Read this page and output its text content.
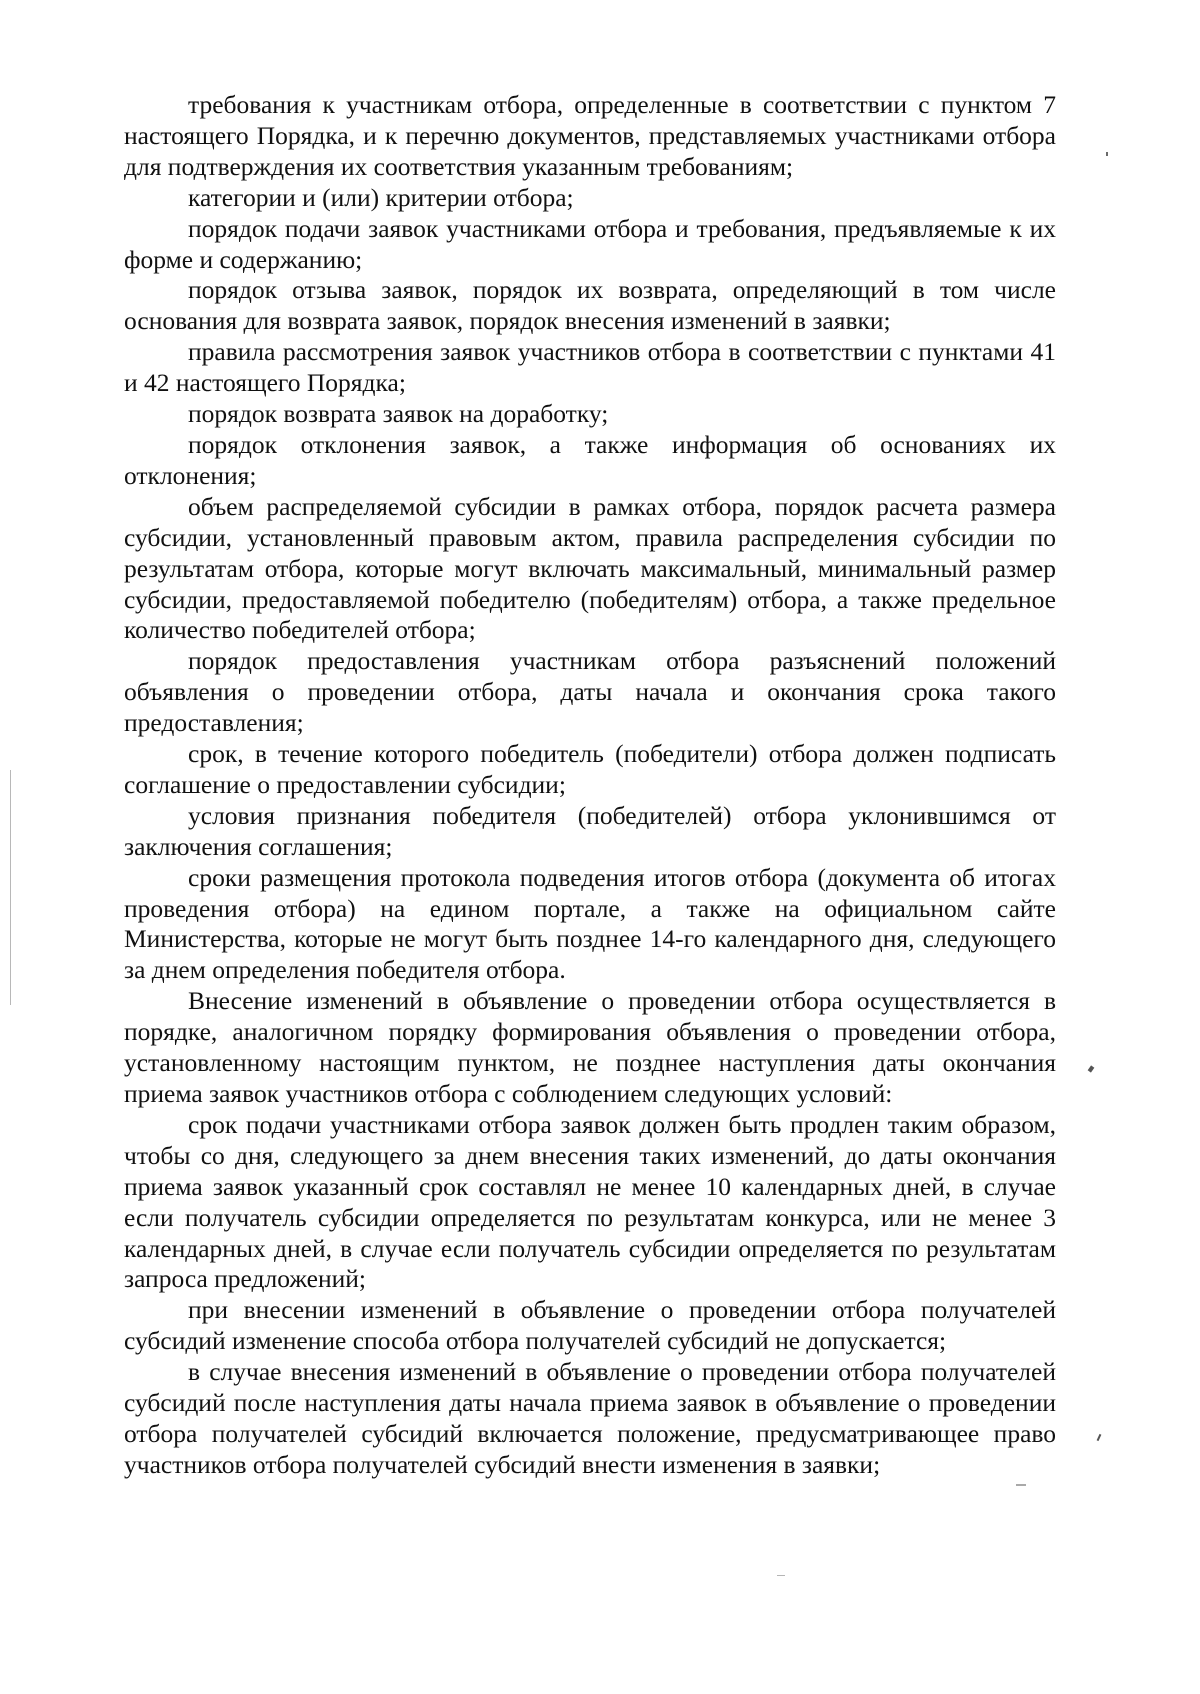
требования к участникам отбора, определенные в соответствии с пунктом 7 настоящего Порядка, и к перечню документов, представляемых участниками отбора для подтверждения их соответствия указанным требованиям;

категории и (или) критерии отбора;

порядок подачи заявок участниками отбора и требования, предъявляемые к их форме и содержанию;

порядок отзыва заявок, порядок их возврата, определяющий в том числе основания для возврата заявок, порядок внесения изменений в заявки;

правила рассмотрения заявок участников отбора в соответствии с пунктами 41 и 42 настоящего Порядка;

порядок возврата заявок на доработку;

порядок отклонения заявок, а также информация об основаниях их отклонения;

объем распределяемой субсидии в рамках отбора, порядок расчета размера субсидии, установленный правовым актом, правила распределения субсидии по результатам отбора, которые могут включать максимальный, минимальный размер субсидии, предоставляемой победителю (победителям) отбора, а также предельное количество победителей отбора;

порядок предоставления участникам отбора разъяснений положений объявления о проведении отбора, даты начала и окончания срока такого предоставления;

срок, в течение которого победитель (победители) отбора должен подписать соглашение о предоставлении субсидии;

условия признания победителя (победителей) отбора уклонившимся от заключения соглашения;

сроки размещения протокола подведения итогов отбора (документа об итогах проведения отбора) на едином портале, а также на официальном сайте Министерства, которые не могут быть позднее 14-го календарного дня, следующего за днем определения победителя отбора.

Внесение изменений в объявление о проведении отбора осуществляется в порядке, аналогичном порядку формирования объявления о проведении отбора, установленному настоящим пунктом, не позднее наступления даты окончания приема заявок участников отбора с соблюдением следующих условий:

срок подачи участниками отбора заявок должен быть продлен таким образом, чтобы со дня, следующего за днем внесения таких изменений, до даты окончания приема заявок указанный срок составлял не менее 10 календарных дней, в случае если получатель субсидии определяется по результатам конкурса, или не менее 3 календарных дней, в случае если получатель субсидии определяется по результатам запроса предложений;

при внесении изменений в объявление о проведении отбора получателей субсидий изменение способа отбора получателей субсидий не допускается;

в случае внесения изменений в объявление о проведении отбора получателей субсидий после наступления даты начала приема заявок в объявление о проведении отбора получателей субсидий включается положение, предусматривающее право участников отбора получателей субсидий внести изменения в заявки;
